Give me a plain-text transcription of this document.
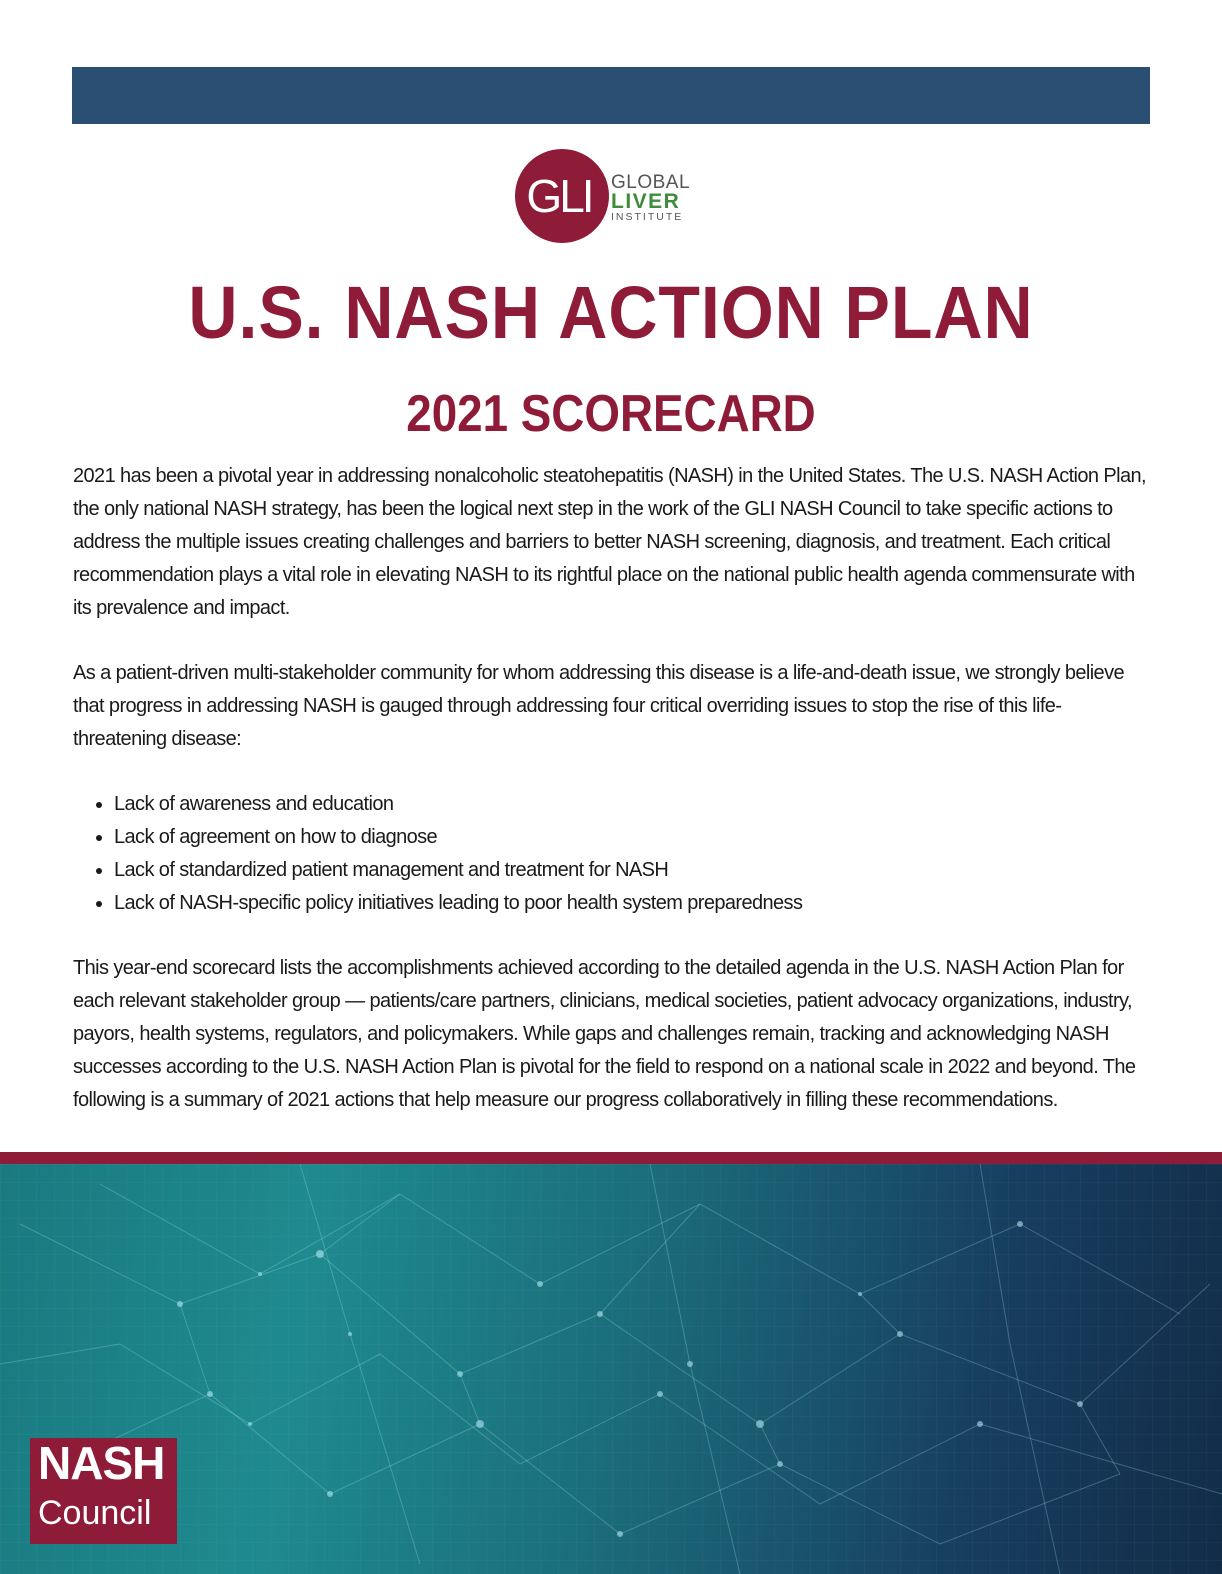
GLI GLOBAL
LIVER
INSTITUTE
U.S. NASH ACTION PLAN
2021 SCORECARD

2021 has been a pivotal year in addressing nonalcoholic steatohepatitis (NASH) in the United States. The U.S. NASH Action Plan, the only national NASH strategy, has been the logical next step in the work of the GLI NASH Council to take specific actions to address the multiple issues creating challenges and barriers to better NASH screening, diagnosis, and treatment. Each critical recommendation plays a vital role in elevating NASH to its rightful place on the national public health agenda commensurate with its prevalence and impact.

As a patient-driven multi-stakeholder community for whom addressing this disease is a life-and-death issue, we strongly believe that progress in addressing NASH is gauged through addressing four critical overriding issues to stop the rise of this life-threatening disease:

• Lack of awareness and education
• Lack of agreement on how to diagnose
• Lack of standardized patient management and treatment for NASH
• Lack of NASH-specific policy initiatives leading to poor health system preparedness

This year-end scorecard lists the accomplishments achieved according to the detailed agenda in the U.S. NASH Action Plan for each relevant stakeholder group — patients/care partners, clinicians, medical societies, patient advocacy organizations, industry, payors, health systems, regulators, and policymakers. While gaps and challenges remain, tracking and acknowledging NASH successes according to the U.S. NASH Action Plan is pivotal for the field to respond on a national scale in 2022 and beyond. The following is a summary of 2021 actions that help measure our progress collaboratively in filling these recommendations.

NASH
Council
